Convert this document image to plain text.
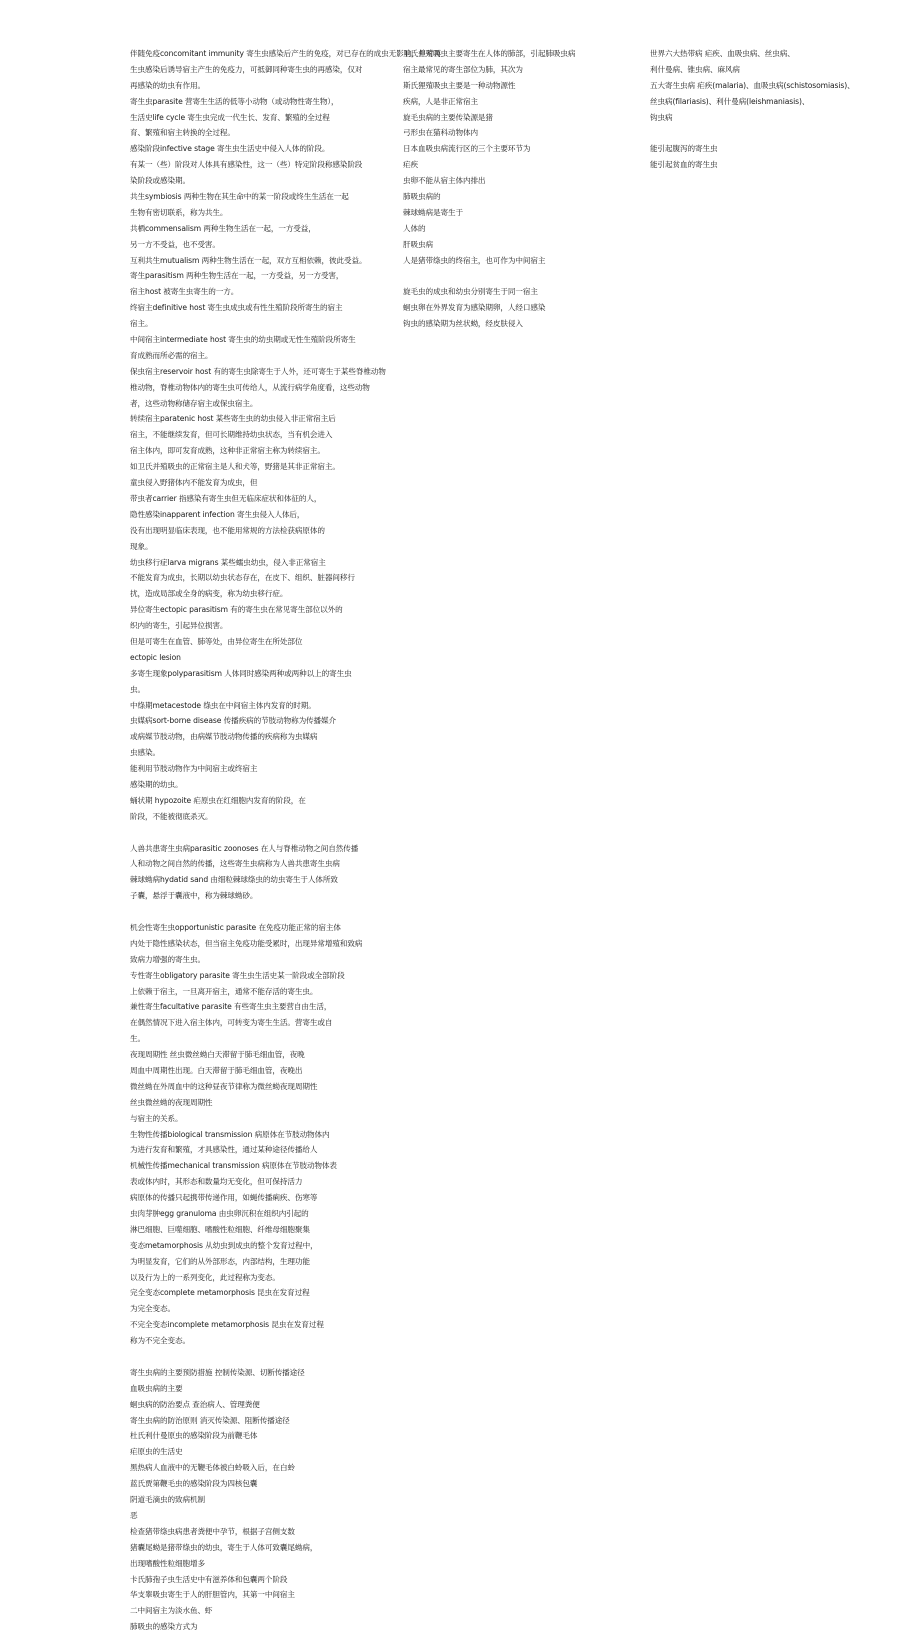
伴随免疫concomitant immunity 寄生虫感染后产生的免疫，对已存在的成虫无影响，但对再
生虫感染后诱导宿主产生的免疫力，可抵御同种寄生虫的再感染，仅对
再感染的幼虫有作用。
寄生虫parasite 营寄生生活的低等小动物（或动物性寄生物），
生活史life cycle 寄生虫完成一代生长、发育、繁殖的全过程
育、繁殖和宿主转换的全过程。
感染阶段infective stage 寄生虫生活史中侵入人体的阶段。
有某一（些）阶段对人体具有感染性，这一（些）特定阶段称感染阶段
染阶段或感染期。
共生symbiosis 两种生物在其生命中的某一阶段或终生生活在一起
生物有密切联系，称为共生。
共栖commensalism 两种生物生活在一起，一方受益，
另一方不受益，也不受害。
互利共生mutualism 两种生物生活在一起，双方互相依赖，彼此受益。
寄生parasitism 两种生物生活在一起，一方受益，另一方受害，
宿主host 被寄生虫寄生的一方。
终宿主definitive host 寄生虫成虫或有性生殖阶段所寄生的宿主
宿主。
中间宿主intermediate host 寄生虫的幼虫期或无性生殖阶段所寄生
育成熟而所必需的宿主。
保虫宿主reservoir host 有的寄生虫除寄生于人外，还可寄生于某些脊椎动物
椎动物，脊椎动物体内的寄生虫可传给人，从流行病学角度看，这些动物
者，这些动物称储存宿主或保虫宿主。
转续宿主paratenic host 某些寄生虫的幼虫侵入非正常宿主后
宿主，不能继续发育，但可长期维持幼虫状态，当有机会进入
宿主体内，即可发育成熟，这种非正常宿主称为转续宿主。
如卫氏并殖吸虫的正常宿主是人和犬等，野猪是其非正常宿主。
童虫侵入野猪体内不能发育为成虫，但
带虫者carrier 指感染有寄生虫但无临床症状和体征的人，
隐性感染inapparent infection 寄生虫侵入人体后，
没有出现明显临床表现，也不能用常规的方法检获病原体的
现象。
幼虫移行症larva migrans 某些蠕虫幼虫，侵入非正常宿主
不能发育为成虫，长期以幼虫状态存在，在皮下、组织、脏器间移行
扰，造成局部或全身的病变，称为幼虫移行症。
异位寄生ectopic parasitism 有的寄生虫在常见寄生部位以外的
织内的寄生，引起异位损害。
但是可寄生在血管、肺等处，由异位寄生在所处部位
ectopic lesion
多寄生现象polyparasitism 人体同时感染两种或两种以上的寄生虫
虫。
中绦期metacestode 绦虫在中间宿主体内发育的时期。
虫媒病sort-borne disease 传播疾病的节肢动物称为传播媒介
或病媒节肢动物，由病媒节肢动物传播的疾病称为虫媒病
虫感染。
能利用节肢动物作为中间宿主或终宿主
感染期的幼虫。
蛹状期 hypozoite 疟原虫在红细胞内发育的阶段，在
阶段，不能被彻底杀灭。
人兽共患寄生虫病parasitic zoonoses 在人与脊椎动物之间自然传播
人和动物之间自然的传播，这些寄生虫病称为人兽共患寄生虫病
棘球蚴病hydatid sand 由细粒棘球绦虫的幼虫寄生于人体所致
子囊，悬浮于囊液中，称为棘球蚴砂。
机会性寄生虫opportunistic parasite 在免疫功能正常的宿主体
内处于隐性感染状态，但当宿主免疫功能受累时，出现异常增殖和致病
致病力增强的寄生虫。
专性寄生obligatory parasite 寄生虫生活史某一阶段或全部阶段
上依赖于宿主，一旦离开宿主，通常不能存活的寄生虫。
兼性寄生facultative parasite 有些寄生虫主要营自由生活，
在偶然情况下进入宿主体内，可转变为寄生生活。营寄生或自
生。
夜现周期性 丝虫微丝蚴白天滞留于肺毛细血管，夜晚
周血中周期性出现。白天滞留于肺毛细血管，夜晚出
微丝蚴在外周血中的这种昼夜节律称为微丝蚴夜现周期性
丝虫微丝蚴的夜现周期性
与宿主的关系。
生物性传播biological transmission 病原体在节肢动物体内
为进行发育和繁殖，才具感染性，通过某种途径传播给人
机械性传播mechanical transmission 病原体在节肢动物体表
表或体内时，其形态和数量均无变化，但可保持活力
病原体的传播只起携带传递作用，如蝇传播痢疾、伤寒等
虫肉芽肿egg granuloma 由虫卵沉积在组织内引起的
淋巴细胞、巨噬细胞、嗜酸性粒细胞、纤维母细胞聚集
变态metamorphosis 从幼虫到成虫的整个发育过程中，
为明显发育，它们的从外部形态，内部结构，生理功能
以及行为上的一系列变化，此过程称为变态。
完全变态complete metamorphosis 昆虫在发育过程
为完全变态。
不完全变态incomplete metamorphosis 昆虫在发育过程
称为不完全变态。
寄生虫病的主要预防措施 控制传染源、切断传播途径
血吸虫病的主要
蛔虫病的防治要点 查治病人、管理粪便
寄生虫病的防治原则 消灭传染源、阻断传播途径
杜氏利什曼原虫的感染阶段为前鞭毛体
疟原虫的生活史
黑热病人血液中的无鞭毛体被白蛉吸入后，在白蛉
蓝氏贾第鞭毛虫的感染阶段为四核包囊
阴道毛滴虫的致病机制
恶
检查猪带绦虫病患者粪便中孕节，根据子宫侧支数
猪囊尾蚴是猪带绦虫的幼虫，寄生于人体可致囊尾蚴病，
出现嗜酸性粒细胞增多
卡氏肺孢子虫生活史中有滋养体和包囊两个阶段
华支睾吸虫寄生于人的肝胆管内，其第一中间宿主
二中间宿主为淡水鱼、虾
肺吸虫的感染方式为
卫氏并殖吸虫主要寄生在人体的肺部，引起肺吸虫病
宿主最常见的寄生部位为肺，其次为
斯氏狸殖吸虫主要是一种动物源性
疾病，人是非正常宿主
旋毛虫病的主要传染源是猪
弓形虫在猫科动物体内
日本血吸虫病流行区的三个主要环节为
疟疾
虫卵不能从宿主体内排出
肺吸虫病的
棘球蚴病是寄生于
人体的
肝吸虫病
人是猪带绦虫的终宿主，也可作为中间宿主
旋毛虫的成虫和幼虫分别寄生于同一宿主
蛔虫卵在外界发育为感染期卵，人经口感染
钩虫的感染期为丝状蚴，经皮肤侵入
世界六大热带病 疟疾、血吸虫病、丝虫病、
利什曼病、锥虫病、麻风病
五大寄生虫病 疟疾(malaria)、血吸虫病(schistosomiasis)、
丝虫病(filariasis)、利什曼病(leishmaniasis)、
钩虫病
能引起腹泻的寄生虫
能引起贫血的寄生虫
